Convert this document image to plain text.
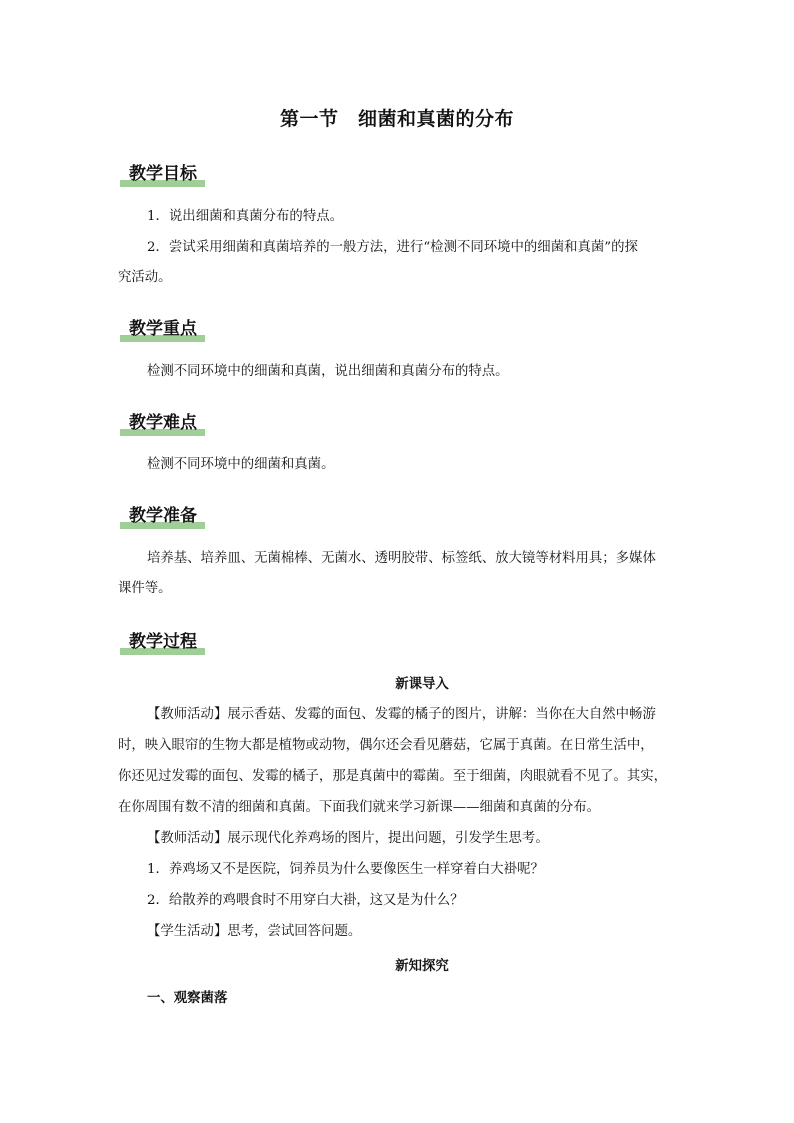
第一节　细菌和真菌的分布
教学目标
1．说出细菌和真菌分布的特点。
2．尝试采用细菌和真菌培养的一般方法，进行“检测不同环境中的细菌和真菌”的探
究活动。
教学重点
检测不同环境中的细菌和真菌，说出细菌和真菌分布的特点。
教学难点
检测不同环境中的细菌和真菌。
教学准备
培养基、培养皿、无菌棉棒、无菌水、透明胶带、标签纸、放大镜等材料用具；多媒体
课件等。
教学过程
新课导入
【教师活动】展示香菇、发霉的面包、发霉的橘子的图片，讲解：当你在大自然中畅游
时，映入眼帘的生物大都是植物或动物，偶尔还会看见蘑菇，它属于真菌。在日常生活中，
你还见过发霉的面包、发霉的橘子，那是真菌中的霉菌。至于细菌，肉眼就看不见了。其实，
在你周围有数不清的细菌和真菌。下面我们就来学习新课——细菌和真菌的分布。
【教师活动】展示现代化养鸡场的图片，提出问题，引发学生思考。
1．养鸡场又不是医院，饲养员为什么要像医生一样穿着白大褂呢？
2．给散养的鸡喂食时不用穿白大褂，这又是为什么？
【学生活动】思考，尝试回答问题。
新知探究
一、观察菌落
